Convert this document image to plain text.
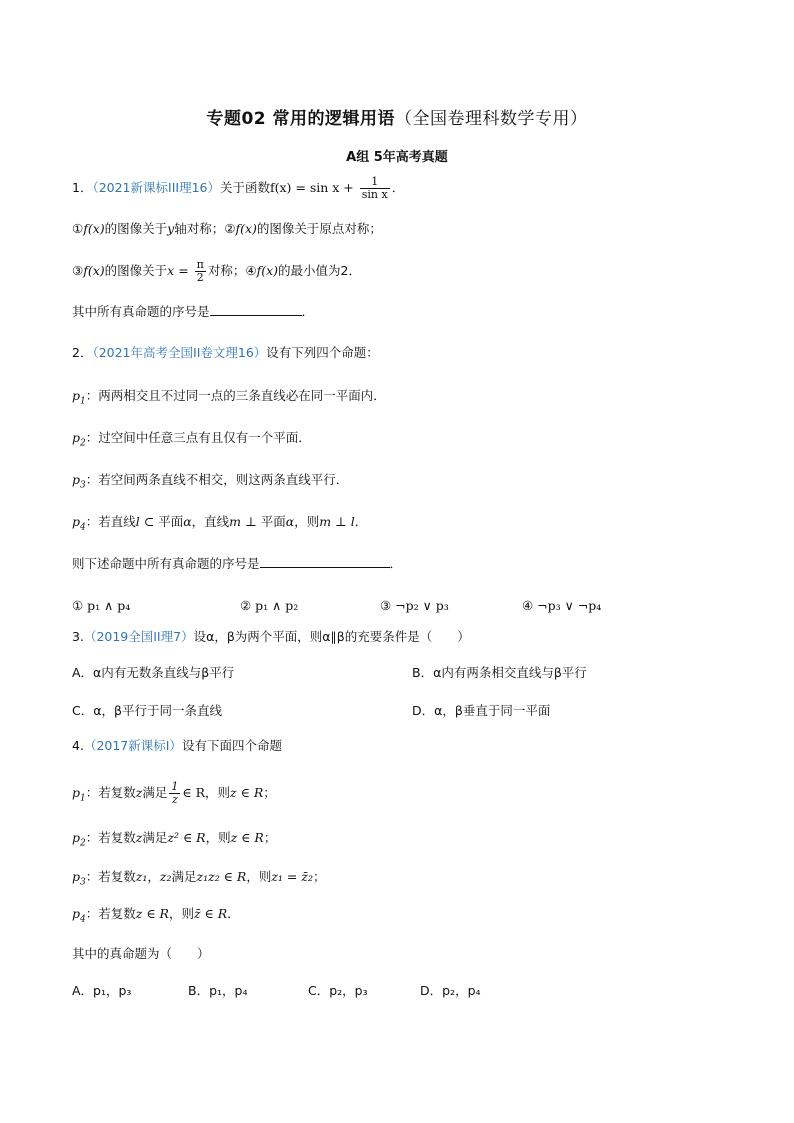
专题02 常用的逻辑用语（全国卷理科数学专用）
A组 5年高考真题
1．（2021新课标III理16）关于函数$f(x) = \sin x + \frac{1}{\text{sin x}}$ ．
①f(x)的图像关于y轴对称；②f(x)的图像关于原点对称；
③f(x)的图像关于$x = \frac{\pi}{2}$ 对称；④f(x)的最小值为2．
其中所有真命题的序号是	．
2．（2021年高考全国II卷文理16）设有下列四个命题：
$p_1$：两两相交且不过同一点的三条直线必在同一平面内．
$p_2$：过空间中任意三点有且仅有一个平面．
$p_3$：若空间两条直线不相交，则这两条直线平行．
$p_4$：若直线l ⊂ 平面α，直线m ⊥ 平面α，则m ⊥ l．
则下述命题中所有真命题的序号是	．
① p₁ ∧ p₄	② p₁ ∧ p₂	③ ¬p₂ ∨ p₃	④ ¬p₃ ∨ ¬p₄
3.（2019全国II理7）设α，β为两个平面，则α∥β的充要条件是（　　）
A．α内有无数条直线与β平行	B．α内有两条相交直线与β平行
C．α，β平行于同一条直线	D．α，β垂直于同一平面
4.（2017新课标I）设有下面四个命题
$p_1$：若复数z满足 $\frac{1}{z}$ ∈ R，则z ∈ R；
$p_2$：若复数z满足z² ∈ R，则z ∈ R；
$p_3$：若复数z₁，z₂满足z₁z₂ ∈ R，则z₁ = z̄₂；
$p_4$：若复数z ∈ R，则z̄ ∈ R．
其中的真命题为（　　）
A．p₁，p₃	B．p₁，p₄	C．p₂，p₃	D．p₂，p₄
